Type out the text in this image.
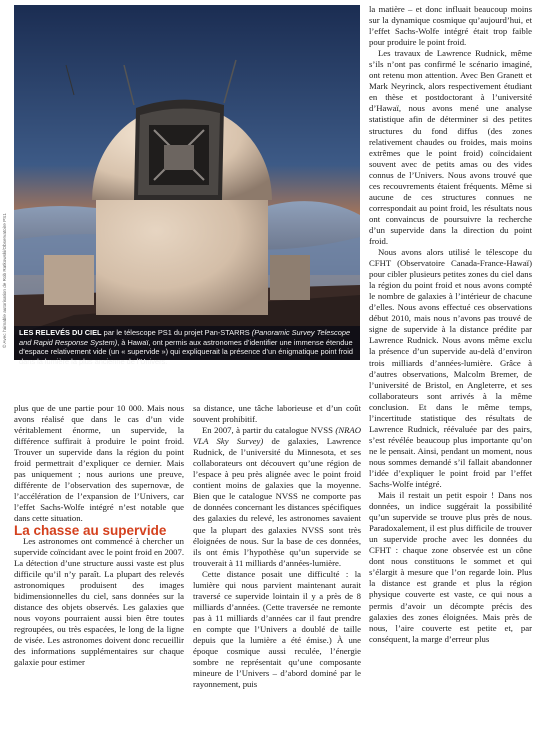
LES RELEVÉS DU CIEL par le télescope PS1 du projet Pan-STARRS (Panoramic Survey Telescope and Rapid Response System), à Hawaï, ont permis aux astronomes d’identifier une immense étendue d’espace relativement vide (un « supervide ») qui expliquerait la présence d’un énigmatique point froid dans la lumière la plus ancienne de l’Univers.
© Avec l’aimable autorisation de Rob Ratkowski/Observatoire PS1

plus que de une partie pour 10 000. Mais nous avons réalisé que dans le cas d’un vide véritablement énorme, un supervide, la différence suffirait à produire le point froid. Trouver un supervide dans la région du point froid permettrait d’expliquer ce dernier. Mais pas uniquement ; nous aurions une preuve, différente de l’observation des supernovæ, de l’accélération de l’expansion de l’Univers, car l’effet Sachs-Wolfe intégré n’est notable que dans cette situation.

La chasse au supervide

Les astronomes ont commencé à chercher un supervide coïncidant avec le point froid en 2007. La détection d’une structure aussi vaste est plus difficile qu’il n’y paraît. La plupart des relevés astronomiques produisent des images bidimensionnelles du ciel, sans données sur la distance des objets observés. Les galaxies que nous voyons pourraient aussi bien être toutes regroupées, ou très espacées, le long de la ligne de visée. Les astronomes doivent donc recueillir des informations supplémentaires sur chaque galaxie pour estimer

sa distance, une tâche laborieuse et d’un coût souvent prohibitif.

En 2007, à partir du catalogue NVSS (NRAO VLA Sky Survey) de galaxies, Lawrence Rudnick, de l’université du Minnesota, et ses collaborateurs ont découvert qu’une région de l’espace à peu près alignée avec le point froid contient moins de galaxies que la moyenne. Bien que le catalogue NVSS ne comporte pas de données concernant les distances spécifiques des galaxies du relevé, les astronomes savaient que la plupart des galaxies NVSS sont très éloignées de nous. Sur la base de ces données, ils ont émis l’hypothèse qu’un supervide se trouverait à 11 milliards d’années-lumière.

Cette distance posait une difficulté : la lumière qui nous parvient maintenant aurait traversé ce supervide lointain il y a près de 8 milliards d’années. (Cette traversée ne remonte pas à 11 milliards d’années car il faut prendre en compte que l’Univers a doublé de taille depuis que la lumière a été émise.) À une époque cosmique aussi reculée, l’énergie sombre ne représentait qu’une composante mineure de l’Univers – d’abord dominé par le rayonnement, puis

la matière – et donc influait beaucoup moins sur la dynamique cosmique qu’aujourd’hui, et l’effet Sachs-Wolfe intégré était trop faible pour produire le point froid.

Les travaux de Lawrence Rudnick, même s’ils n’ont pas confirmé le scénario imaginé, ont retenu mon attention. Avec Ben Granett et Mark Neyrinck, alors respectivement étudiant en thèse et postdoctorant à l’université d’Hawaï, nous avons mené une analyse statistique afin de déterminer si des petites structures du fond diffus (des zones relativement chaudes ou froides, mais moins extrêmes que le point froid) coïncidaient souvent avec de petits amas ou des vides connus de l’Univers. Nous avons trouvé que ces recouvrements étaient fréquents. Même si aucune de ces structures connues ne correspondait au point froid, les résultats nous ont convaincus de poursuivre la recherche d’un supervide dans la direction du point froid.

Nous avons alors utilisé le télescope du CFHT (Observatoire Canada-France-Hawaï) pour cibler plusieurs petites zones du ciel dans la région du point froid et nous avons compté le nombre de galaxies à l’intérieur de chacune d’elles. Nous avons effectué ces observations début 2010, mais nous n’avons pas trouvé de signe de supervide à la distance prédite par Lawrence Rudnick. Nous avons même exclu la présence d’un supervide au-delà d’environ trois milliards d’années-lumière. Grâce à d’autres observations, Malcolm Bremer, de l’université de Bristol, en Angleterre, et ses collaborateurs sont arrivés à la même conclusion. Et dans le même temps, l’incertitude statistique des résultats de Lawrence Rudnick, réévaluée par des pairs, s’est révélée beaucoup plus importante qu’on ne le pensait. Ainsi, pendant un moment, nous nous sommes demandé s’il fallait abandonner l’idée d’expliquer le point froid par l’effet Sachs-Wolfe intégré.

Mais il restait un petit espoir ! Dans nos données, un indice suggérait la possibilité qu’un supervide se trouve plus près de nous. Paradoxalement, il est plus difficile de trouver un supervide proche avec les données du CFHT : chaque zone observée est un cône dont nous constituons le sommet et qui s’élargit à mesure que l’on regarde loin. Plus la distance est grande et plus la région physique couverte est vaste, ce qui nous a permis d’avoir un décompte précis des galaxies des zones éloignées. Mais près de nous, l’aire couverte est petite et, par conséquent, la marge d’erreur plus
